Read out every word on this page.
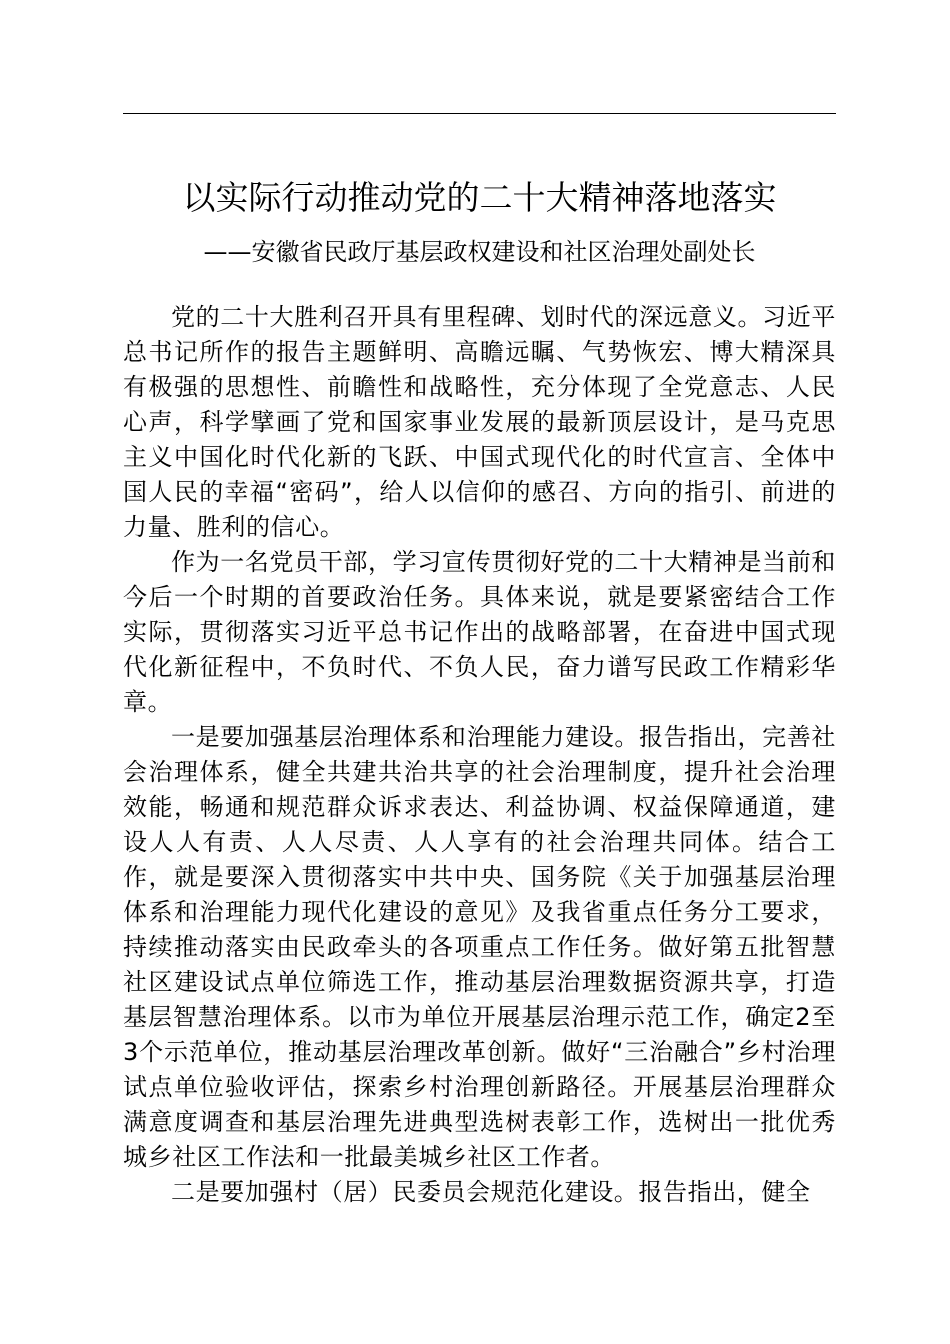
以实际行动推动党的二十大精神落地落实
——安徽省民政厅基层政权建设和社区治理处副处长

党的二十大胜利召开具有里程碑、划时代的深远意义。习近平总书记所作的报告主题鲜明、高瞻远瞩、气势恢宏、博大精深具有极强的思想性、前瞻性和战略性，充分体现了全党意志、人民心声，科学擘画了党和国家事业发展的最新顶层设计，是马克思主义中国化时代化新的飞跃、中国式现代化的时代宣言、全体中国人民的幸福“密码”，给人以信仰的感召、方向的指引、前进的力量、胜利的信心。

作为一名党员干部，学习宣传贯彻好党的二十大精神是当前和今后一个时期的首要政治任务。具体来说，就是要紧密结合工作实际，贯彻落实习近平总书记作出的战略部署，在奋进中国式现代化新征程中，不负时代、不负人民，奋力谱写民政工作精彩华章。

一是要加强基层治理体系和治理能力建设。报告指出，完善社会治理体系，健全共建共治共享的社会治理制度，提升社会治理效能，畅通和规范群众诉求表达、利益协调、权益保障通道，建设人人有责、人人尽责、人人享有的社会治理共同体。结合工作，就是要深入贯彻落实中共中央、国务院《关于加强基层治理体系和治理能力现代化建设的意见》及我省重点任务分工要求，持续推动落实由民政牵头的各项重点工作任务。做好第五批智慧社区建设试点单位筛选工作，推动基层治理数据资源共享，打造基层智慧治理体系。以市为单位开展基层治理示范工作，确定2至3个示范单位，推动基层治理改革创新。做好“三治融合”乡村治理试点单位验收评估，探索乡村治理创新路径。开展基层治理群众满意度调查和基层治理先进典型选树表彰工作，选树出一批优秀城乡社区工作法和一批最美城乡社区工作者。

二是要加强村（居）民委员会规范化建设。报告指出，健全
